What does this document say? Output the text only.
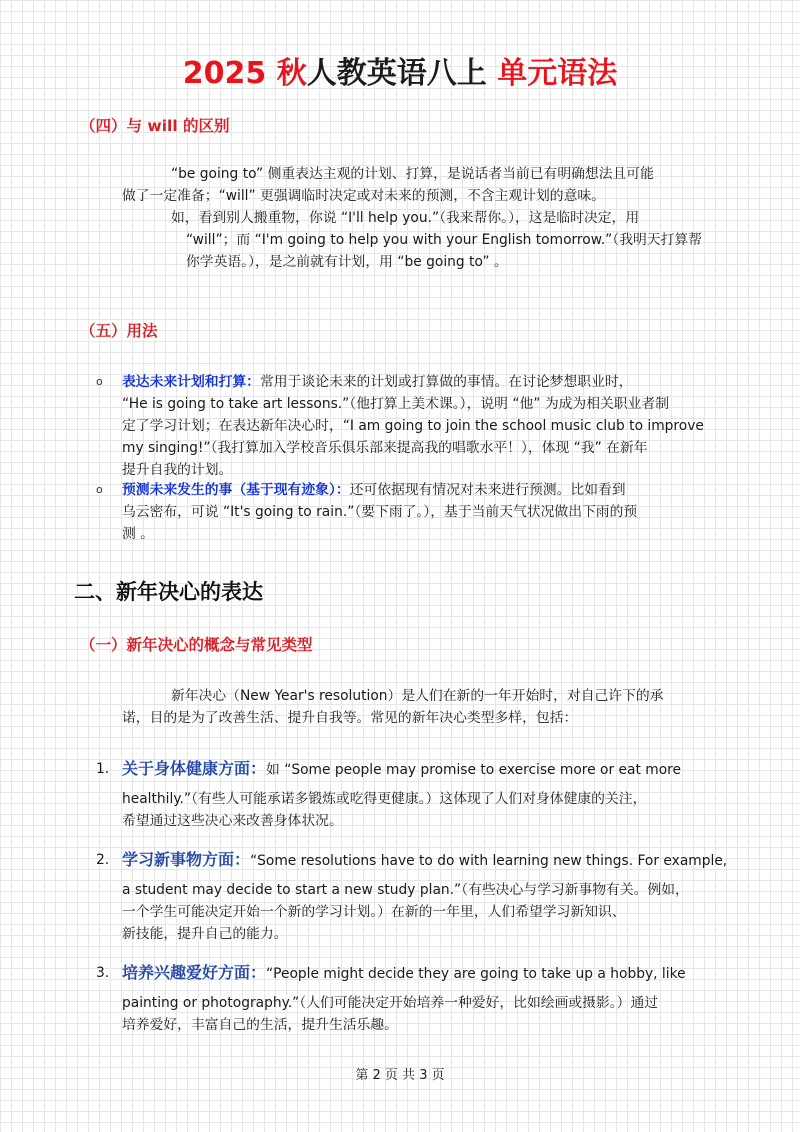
2025 秋人教英语八上 单元语法
（四）与 will 的区别
“be going to” 侧重表达主观的计划、打算，是说话者当前已有明确想法且可能
做了一定准备；“will” 更强调临时决定或对未来的预测，不含主观计划的意味。
如，看到别人搬重物，你说 “I'll help you.”（我来帮你。），这是临时决定，用
“will”；而 “I'm going to help you with your English tomorrow.”（我明天打算帮
你学英语。），是之前就有计划，用 “be going to” 。
（五）用法
o 表达未来计划和打算：常用于谈论未来的计划或打算做的事情。在讨论梦想职业时，
“He is going to take art lessons.”（他打算上美术课。），说明 “他” 为成为相关职业者制
定了学习计划；在表达新年决心时，“I am going to join the school music club to improve
my singing!”（我打算加入学校音乐俱乐部来提高我的唱歌水平！），体现 “我” 在新年
提升自我的计划。
o 预测未来发生的事（基于现有迹象）：还可依据现有情况对未来进行预测。比如看到
乌云密布，可说 “It's going to rain.”（要下雨了。），基于当前天气状况做出下雨的预
测 。
二、新年决心的表达
（一）新年决心的概念与常见类型
新年决心（New Year's resolution）是人们在新的一年开始时，对自己许下的承
诺，目的是为了改善生活、提升自我等。常见的新年决心类型多样，包括：
1. 关于身体健康方面：如 “Some people may promise to exercise more or eat more
healthily.”（有些人可能承诺多锻炼或吃得更健康。）这体现了人们对身体健康的关注，
希望通过这些决心来改善身体状况。
2. 学习新事物方面：“Some resolutions have to do with learning new things. For example,
a student may decide to start a new study plan.”（有些决心与学习新事物有关。例如，
一个学生可能决定开始一个新的学习计划。）在新的一年里，人们希望学习新知识、
新技能，提升自己的能力。
3. 培养兴趣爱好方面：“People might decide they are going to take up a hobby, like
painting or photography.”（人们可能决定开始培养一种爱好，比如绘画或摄影。）通过
培养爱好，丰富自己的生活，提升生活乐趣。
第 2 页 共 3 页
